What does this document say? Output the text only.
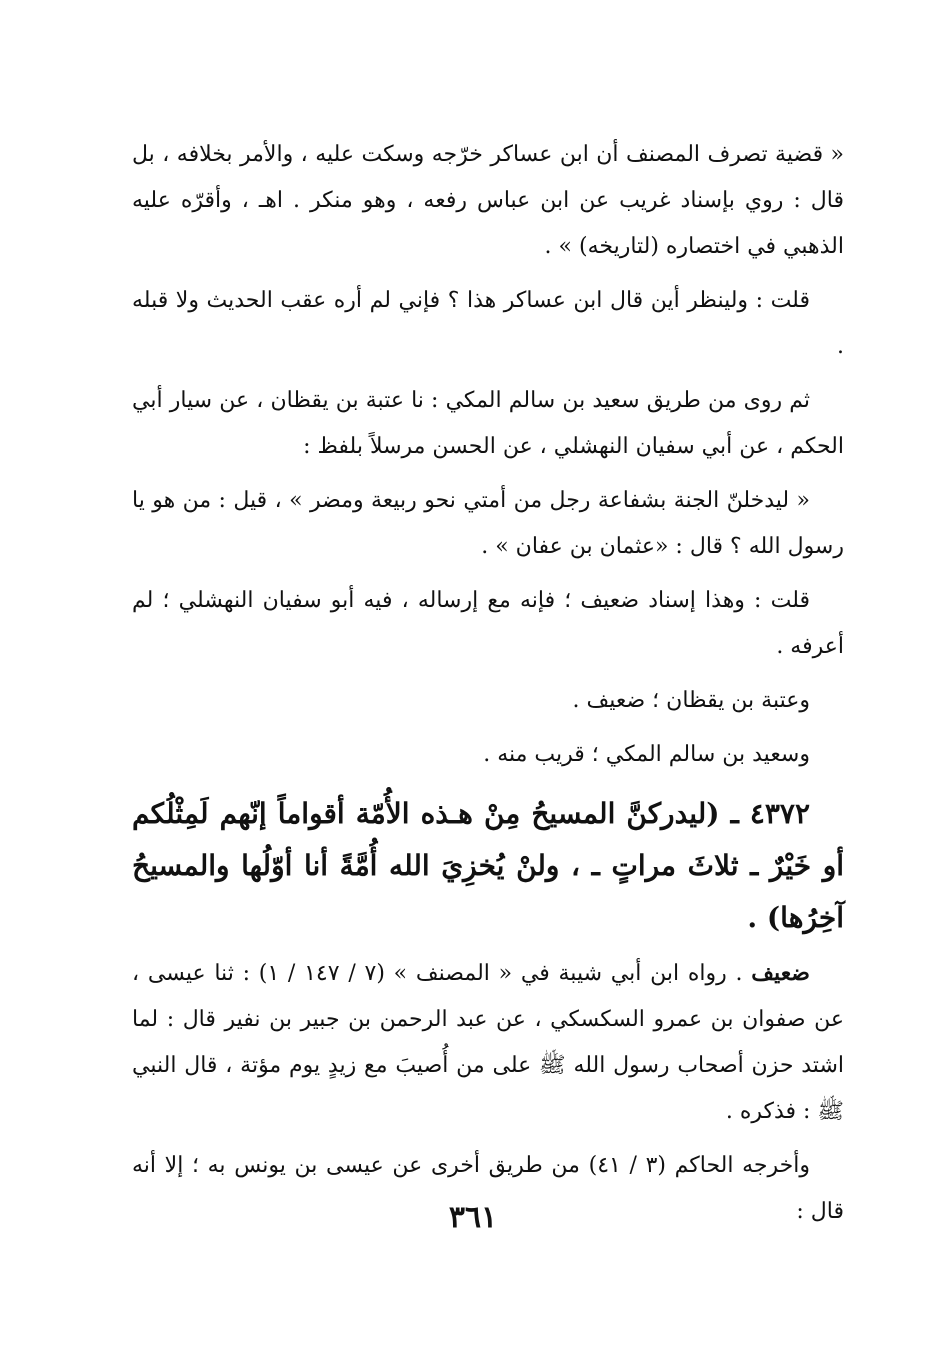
« قضية تصرف المصنف أن ابن عساكر خرّجه وسكت عليه ، والأمر بخلافه ، بل قال : روي بإسناد غريب عن ابن عباس رفعه ، وهو منكر . اهـ ، وأقرّه عليه الذهبي في اختصاره (لتاريخه) » .

قلت : ولينظر أين قال ابن عساكر هذا ؟ فإني لم أره عقب الحديث ولا قبله .

ثم روى من طريق سعيد بن سالم المكي : نا عتبة بن يقظان ، عن سيار أبي الحكم ، عن أبي سفيان النهشلي ، عن الحسن مرسلاً بلفظ :

« ليدخلنّ الجنة بشفاعة رجل من أمتي نحو ربيعة ومضر » ، قيل : من هو يا رسول الله ؟ قال : «عثمان بن عفان » .

قلت : وهذا إسناد ضعيف ؛ فإنه مع إرساله ، فيه أبو سفيان النهشلي ؛ لم أعرفه .

وعتبة بن يقظان ؛ ضعيف .

وسعيد بن سالم المكي ؛ قريب منه .

٤٣٧٢ ـ (ليدركنَّ المسيحُ مِنْ هـذه الأُمّة أقواماً إنّهم لَمِثْلُكم أو خَيْرٌ ـ ثلاثَ مراتٍ ـ ، ولنْ يُخزِيَ الله أُمَّةً أنا أوّلُها والمسيحُ آخِرُها) .

ضعيف . رواه ابن أبي شيبة في « المصنف » (٧ / ١٤٧ / ١) : ثنا عيسى ، عن صفوان بن عمرو السكسكي ، عن عبد الرحمن بن جبير بن نفير قال : لما اشتد حزن أصحاب رسول الله ﷺ على من أُصيبَ مع زيدٍ يوم مؤتة ، قال النبي ﷺ : فذكره .

وأخرجه الحاكم (٣ / ٤١) من طريق أخرى عن عيسى بن يونس به ؛ إلا أنه قال :

٣٦١
